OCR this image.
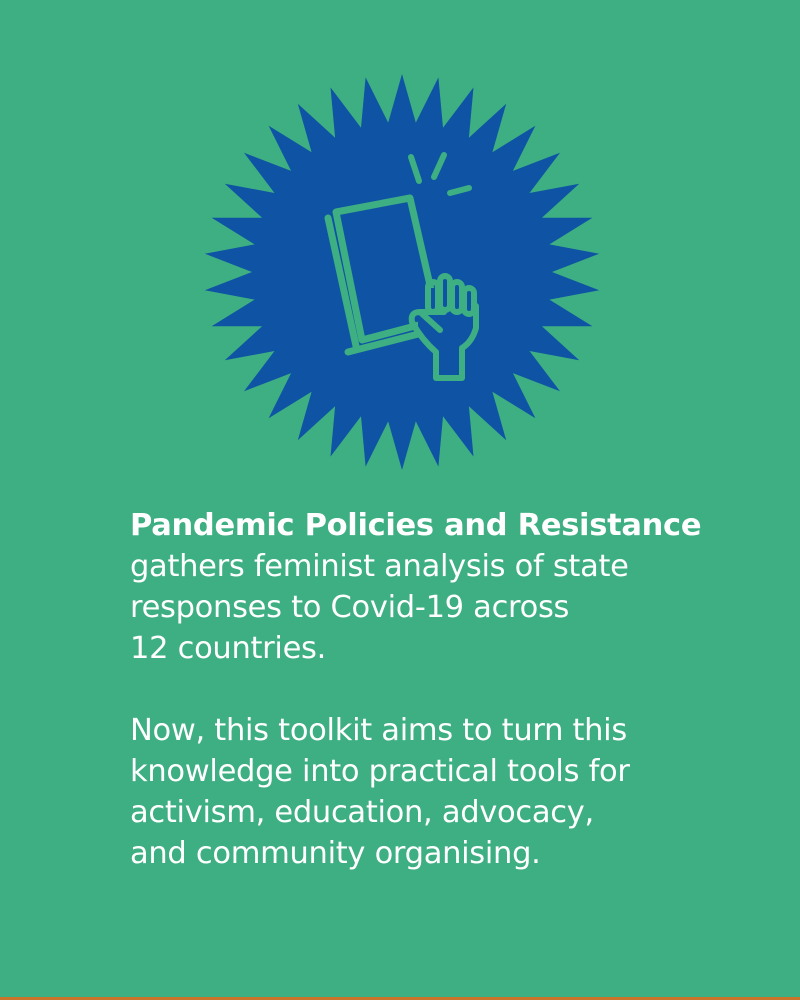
Pandemic Policies and Resistance
gathers feminist analysis of state
responses to Covid-19 across
12 countries.

Now, this toolkit aims to turn this
knowledge into practical tools for
activism, education, advocacy,
and community organising.
